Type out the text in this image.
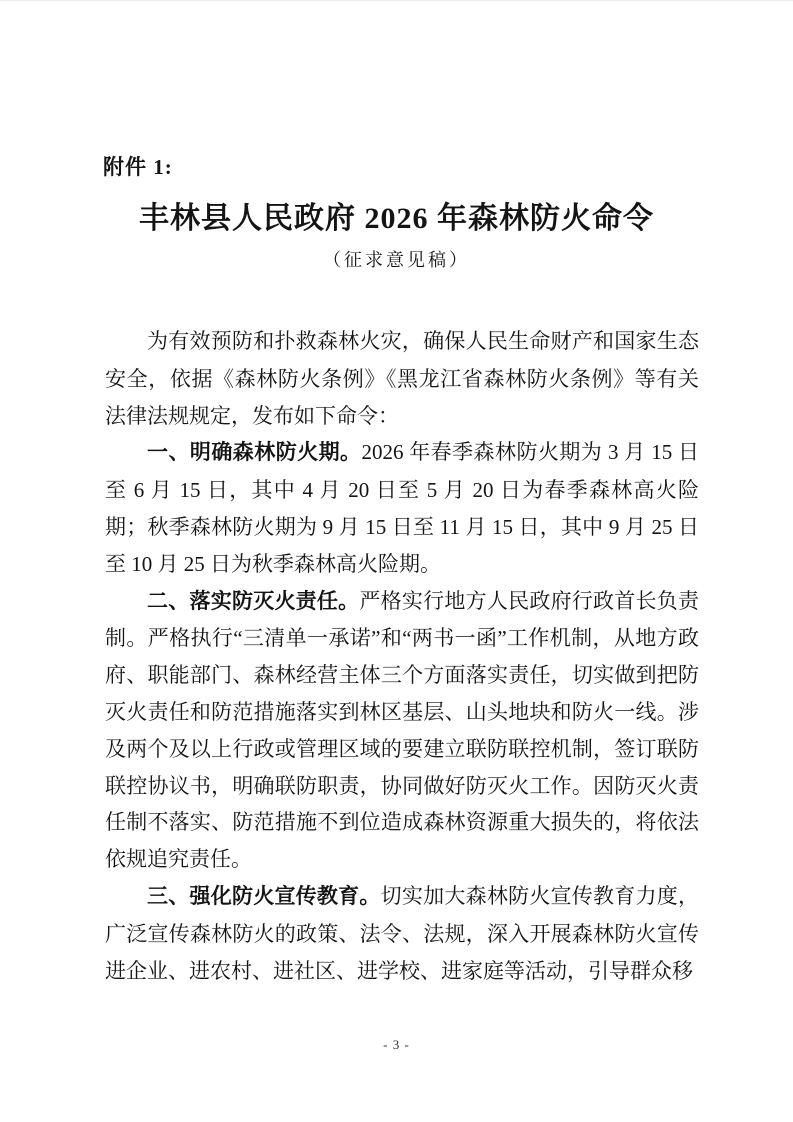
附件 1:
丰林县人民政府 2026 年森林防火命令
（征求意见稿）

为有效预防和扑救森林火灾，确保人民生命财产和国家生态安全，依据《森林防火条例》《黑龙江省森林防火条例》等有关法律法规规定，发布如下命令：

一、明确森林防火期。2026 年春季森林防火期为 3 月 15 日至 6 月 15 日，其中 4 月 20 日至 5 月 20 日为春季森林高火险期；秋季森林防火期为 9 月 15 日至 11 月 15 日，其中 9 月 25 日至 10 月 25 日为秋季森林高火险期。

二、落实防灭火责任。严格实行地方人民政府行政首长负责制。严格执行“三清单一承诺”和“两书一函”工作机制，从地方政府、职能部门、森林经营主体三个方面落实责任，切实做到把防灭火责任和防范措施落实到林区基层、山头地块和防火一线。涉及两个及以上行政或管理区域的要建立联防联控机制，签订联防联控协议书，明确联防职责，协同做好防灭火工作。因防灭火责任制不落实、防范措施不到位造成森林资源重大损失的，将依法依规追究责任。

三、强化防火宣传教育。切实加大森林防火宣传教育力度，广泛宣传森林防火的政策、法令、法规，深入开展森林防火宣传进企业、进农村、进社区、进学校、进家庭等活动，引导群众移

- 3 -
